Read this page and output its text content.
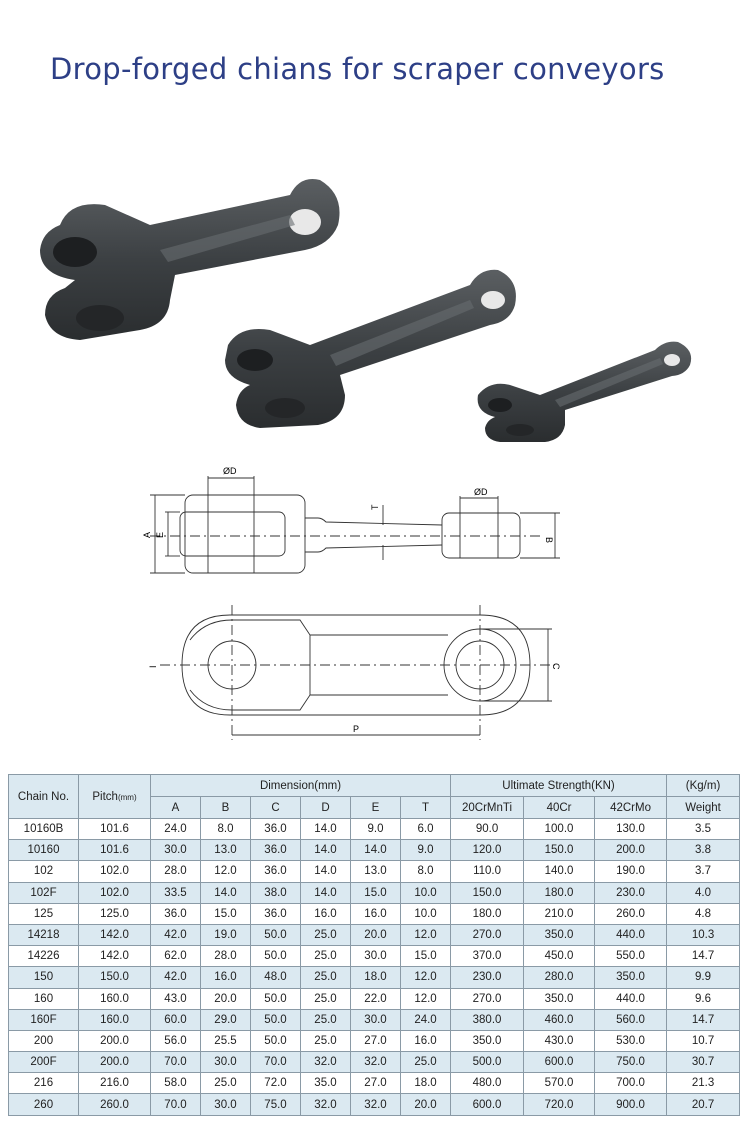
Drop-forged chians for scraper conveyors
ØD
ØD
A E
T
B
I	C
P
Chain No.	Pitch(mm)	Dimension(mm)						Ultimate Strength(KN)			(Kg/m)
		A	B	C	D	E	T	20CrMnTi	40Cr	42CrMo	Weight
10160B	101.6	24.0	8.0	36.0	14.0	9.0	6.0	90.0	100.0	130.0	3.5
10160	101.6	30.0	13.0	36.0	14.0	14.0	9.0	120.0	150.0	200.0	3.8
102	102.0	28.0	12.0	36.0	14.0	13.0	8.0	110.0	140.0	190.0	3.7
102F	102.0	33.5	14.0	38.0	14.0	15.0	10.0	150.0	180.0	230.0	4.0
125	125.0	36.0	15.0	36.0	16.0	16.0	10.0	180.0	210.0	260.0	4.8
14218	142.0	42.0	19.0	50.0	25.0	20.0	12.0	270.0	350.0	440.0	10.3
14226	142.0	62.0	28.0	50.0	25.0	30.0	15.0	370.0	450.0	550.0	14.7
150	150.0	42.0	16.0	48.0	25.0	18.0	12.0	230.0	280.0	350.0	9.9
160	160.0	43.0	20.0	50.0	25.0	22.0	12.0	270.0	350.0	440.0	9.6
160F	160.0	60.0	29.0	50.0	25.0	30.0	24.0	380.0	460.0	560.0	14.7
200	200.0	56.0	25.5	50.0	25.0	27.0	16.0	350.0	430.0	530.0	10.7
200F	200.0	70.0	30.0	70.0	32.0	32.0	25.0	500.0	600.0	750.0	30.7
216	216.0	58.0	25.0	72.0	35.0	27.0	18.0	480.0	570.0	700.0	21.3
260	260.0	70.0	30.0	75.0	32.0	32.0	20.0	600.0	720.0	900.0	20.7
